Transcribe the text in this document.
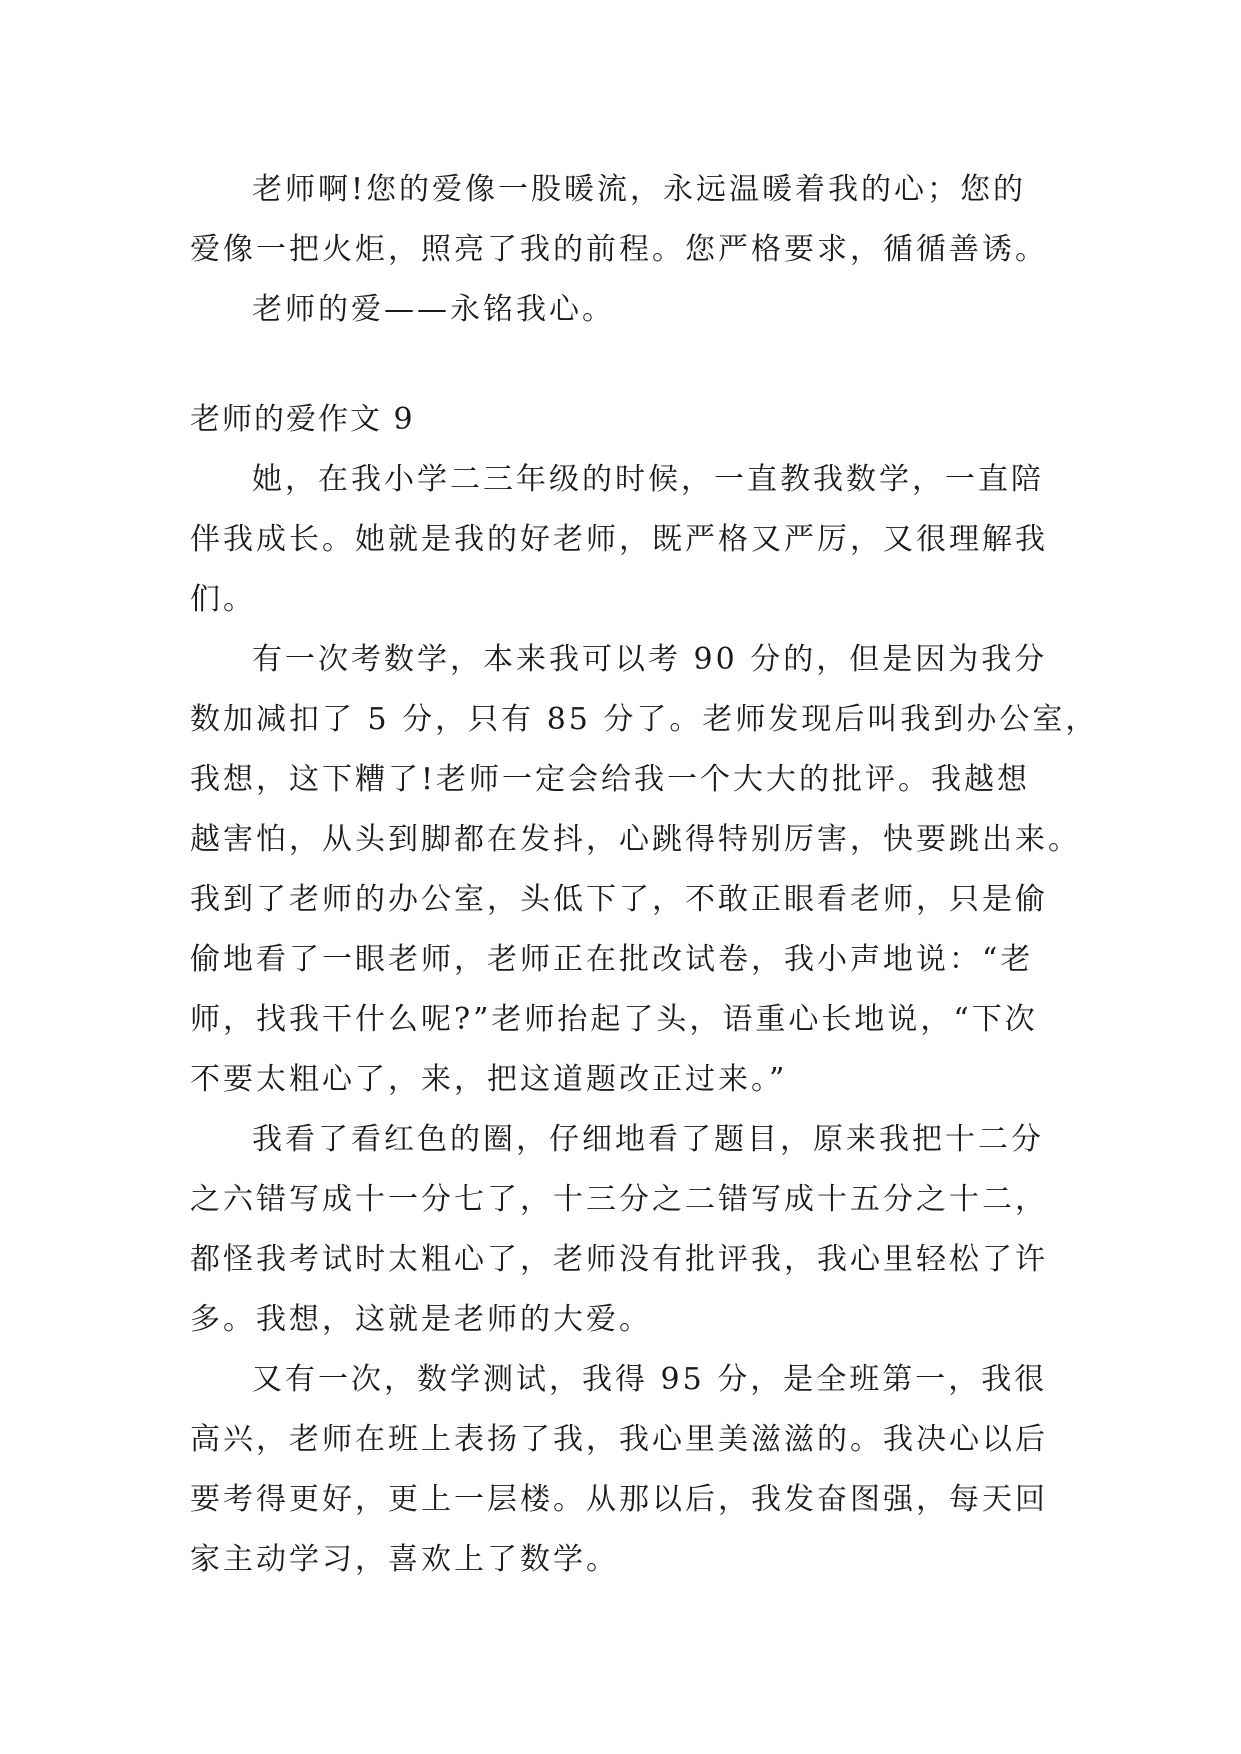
老师啊!您的爱像一股暖流，永远温暖着我的心；您的
爱像一把火炬，照亮了我的前程。您严格要求，循循善诱。
老师的爱——永铭我心。
老师的爱作文 9
她，在我小学二三年级的时候，一直教我数学，一直陪
伴我成长。她就是我的好老师，既严格又严厉，又很理解我
们。
有一次考数学，本来我可以考 90 分的，但是因为我分
数加减扣了 5 分，只有 85 分了。老师发现后叫我到办公室，
我想，这下糟了!老师一定会给我一个大大的批评。我越想
越害怕，从头到脚都在发抖，心跳得特别厉害，快要跳出来。
我到了老师的办公室，头低下了，不敢正眼看老师，只是偷
偷地看了一眼老师，老师正在批改试卷，我小声地说：“老
师，找我干什么呢?”老师抬起了头，语重心长地说，“下次
不要太粗心了，来，把这道题改正过来。”
我看了看红色的圈，仔细地看了题目，原来我把十二分
之六错写成十一分七了，十三分之二错写成十五分之十二，
都怪我考试时太粗心了，老师没有批评我，我心里轻松了许
多。我想，这就是老师的大爱。
又有一次，数学测试，我得 95 分，是全班第一，我很
高兴，老师在班上表扬了我，我心里美滋滋的。我决心以后
要考得更好，更上一层楼。从那以后，我发奋图强，每天回
家主动学习，喜欢上了数学。
